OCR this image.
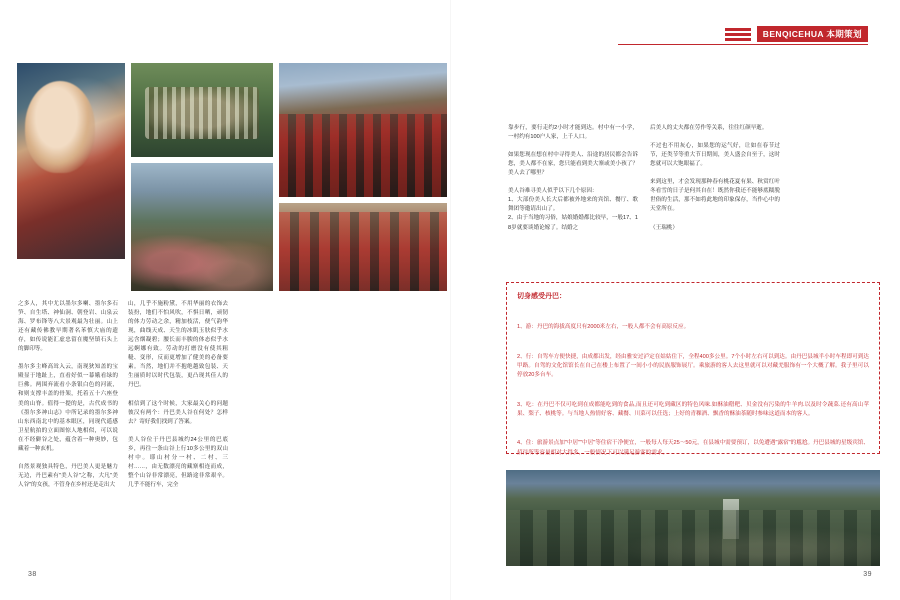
BENQICEHUA 本期策划
之多人，其中尤以墨尔多喇、墨尔多石笋、自生塔、神仙洞、朝登岩、山泉云海、罗布锋等八大景观最为壮丽。山上还有藏传佛教早期著名苯慎大庙的遗存，如传说能汇虚忠留在魔坚镇石头上的脚印等。

墨尔多主峰高耸入云，南现狄知盖的宝殿显于地趾上，直看好似一幕娥看绿的巨佛。两围弃流看小条银白色的河流，和则支撑丰盖的骨架，托着五十六座登美的山脊。值得一提的是，古代成书的《墨尔多神山志》中所记录的墨尔多神山东西南北中的基本眼区，同现代遥感卫星航拍的立面图惊人地相似，可以说在不经僻谷之处，蕴含着一种奥妙，包藏着一种玄机。

自然景观独具特色，丹巴美人更是魅力无边，丹巴素有"美人谷"之称，大凡"美人谷"的女孩，不管身在乡村还是走出大
山，几乎不施粉黛，不用华丽的衣饰去装扮，地们不怕风吹，不惧日晒，顽韧的体力劳动之余，精加枝活，便气韵华现，曲线天成、天生的冰肌玉肤似乎水远含烟凝碧；腰长而丰腴的体态似乎水远婀娜有致。劳动的打磨没有使其粗糙、变形，反而更增加了健美的必备要素。当然，地们并不抱绝越致包装、天生丽质时以时代包装，更凸现其佳人的丹巴。

相信到了这个时候，大家最关心的问题彼汉有两个：丹巴美人谷在何处？怎样去？寄好我们找到了答案。

美人谷位于丹巴县城约24公里的巴底乡，再往一条山谷上行10多公里的双山村中。耶山村分一村、二村、三村……，由无数漂亮的藏寨相连而成，整个山谷非常漂亮，但路途非常艰辛。几乎不能行车，完全
靠步行，要行走约2小时才能到达。村中有一小学，一村约有100户人家，上千人口。

如果您现在想在村中寻得美人、沿途的居民都会告诉您，美人都不在家，您只能看到美大寨或美小孩了？美人去了哪里？

美人谷难寻美人似乎以下几个原因：
1、大部份美人长大后都被外地来的宾馆、餐厅、歌舞团等邀请出山了。
2、由于当地的习俗，姑娘婚婚都比较早，一般17、18岁就要谈婚论嫁了。结婚之
后美人的丈夫都在劳作等关系，往往红颜早逝。

不过也不用灰心，如果您的运气好，让如在春节过节，还类节等重大节日期间，美人盛会自至于，这时您就可以大饱眼福了。

来到这里，才会发现那种春有桃花夏有果、秋赏红叶冬看雪的日子是何其自在！既然你我还不能够底糯脱世俗的生活，那不如将此地的印象保存，当作心中的天堂所在。

（王瑞桃）
切身感受丹巴：

1、游：丹巴的海拔高度只有2000米左右，一般人都不会有高原反应。

2、行：自驾车方便快捷，由成都出发，经由雅安过泸定在姑姑住下，全程400多公里。7个小时左右可以到达。由丹巴县城半小时车程即可到达甲路。自驾的文化馆馆长在自己在楼上布置了一间小小的民族服饰展厅。乘旅游的客人去这里就可以对藏羌服饰有一个大概了解。我子里可以停放20多台车。

3、吃：在丹巴不仅可吃到在成都能吃到的食品,而且还可吃到藏区的特色风味.如酥油糌粑、贝金没有污染的牛羊肉.以及时令蔬菜.还有高山苹果、梨子、核桃等。与当地人热情好客、藏餐、川菜可以任选；上好的青稞酒、飘香的酥油茶随时参味这道而本的客人。

4、住：旅游景点加"中居""中居"等住宿干净便宜，一般每人每天25～50元，在县城中需要预订，以免遭遇"露宿"的尴尬。丹巴县城的星级宾馆、招待所等容量相对大得多，一般情况下可以满足游客的需求。

38	39
